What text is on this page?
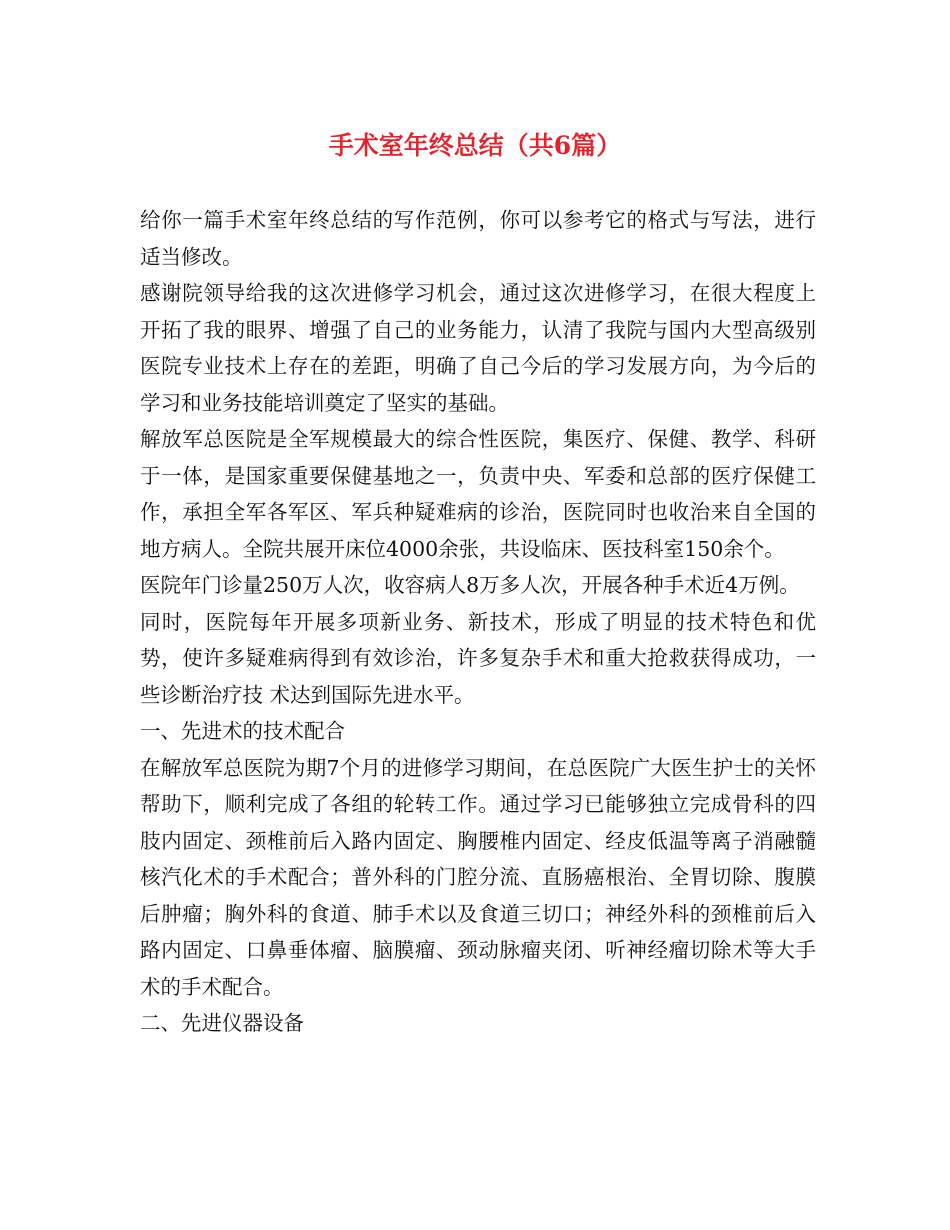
手术室年终总结（共6篇）

给你一篇手术室年终总结的写作范例，你可以参考它的格式与写法，进行适当修改。

感谢院领导给我的这次进修学习机会，通过这次进修学习，在很大程度上开拓了我的眼界、增强了自己的业务能力，认清了我院与国内大型高级别医院专业技术上存在的差距，明确了自己今后的学习发展方向，为今后的学习和业务技能培训奠定了坚实的基础。

解放军总医院是全军规模最大的综合性医院，集医疗、保健、教学、科研于一体，是国家重要保健基地之一，负责中央、军委和总部的医疗保健工作，承担全军各军区、军兵种疑难病的诊治，医院同时也收治来自全国的地方病人。全院共展开床位4000余张，共设临床、医技科室150余个。

医院年门诊量250万人次，收容病人8万多人次，开展各种手术近4万例。

同时，医院每年开展多项新业务、新技术，形成了明显的技术特色和优势，使许多疑难病得到有效诊治，许多复杂手术和重大抢救获得成功，一些诊断治疗技 术达到国际先进水平。

一、先进术的技术配合

在解放军总医院为期7个月的进修学习期间，在总医院广大医生护士的关怀帮助下，顺利完成了各组的轮转工作。通过学习已能够独立完成骨科的四肢内固定、颈椎前后入路内固定、胸腰椎内固定、经皮低温等离子消融髓核汽化术的手术配合；普外科的门腔分流、直肠癌根治、全胃切除、腹膜后肿瘤；胸外科的食道、肺手术以及食道三切口；神经外科的颈椎前后入路内固定、口鼻垂体瘤、脑膜瘤、颈动脉瘤夹闭、听神经瘤切除术等大手术的手术配合。

二、先进仪器设备
